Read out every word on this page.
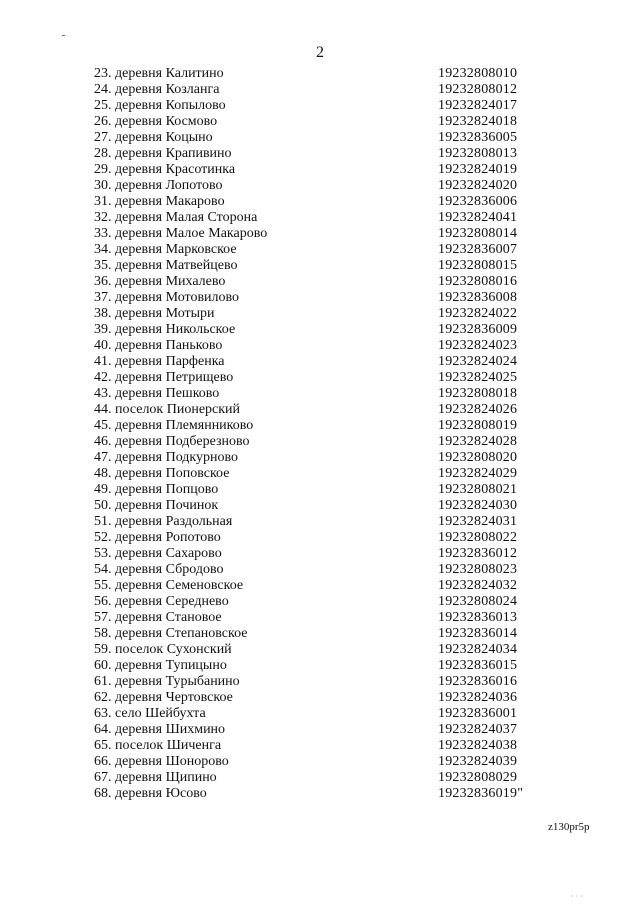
2
23. деревня Калитино	19232808010
24. деревня Козланга	19232808012
25. деревня Копылово	19232824017
26. деревня Космово	19232824018
27. деревня Коцыно	19232836005
28. деревня Крапивино	19232808013
29. деревня Красотинка	19232824019
30. деревня Лопотово	19232824020
31. деревня Макарово	19232836006
32. деревня Малая Сторона	19232824041
33. деревня Малое Макарово	19232808014
34. деревня Марковское	19232836007
35. деревня Матвейцево	19232808015
36. деревня Михалево	19232808016
37. деревня Мотовилово	19232836008
38. деревня Мотыри	19232824022
39. деревня Никольское	19232836009
40. деревня Паньково	19232824023
41. деревня Парфенка	19232824024
42. деревня Петрищево	19232824025
43. деревня Пешково	19232808018
44. поселок Пионерский	19232824026
45. деревня Племянниково	19232808019
46. деревня Подберезново	19232824028
47. деревня Подкурново	19232808020
48. деревня Поповское	19232824029
49. деревня Попцово	19232808021
50. деревня Починок	19232824030
51. деревня Раздольная	19232824031
52. деревня Ропотово	19232808022
53. деревня Сахарово	19232836012
54. деревня Сбродово	19232808023
55. деревня Семеновское	19232824032
56. деревня Середнево	19232808024
57. деревня Становое	19232836013
58. деревня Степановское	19232836014
59. поселок Сухонский	19232824034
60. деревня Тупицыно	19232836015
61. деревня Турыбанино	19232836016
62. деревня Чертовское	19232824036
63. село Шейбухта	19232836001
64. деревня Шихмино	19232824037
65. поселок Шиченга	19232824038
66. деревня Шонорово	19232824039
67. деревня Щипино	19232808029
68. деревня Юсово	19232836019"
z130pr5p
· · ·
